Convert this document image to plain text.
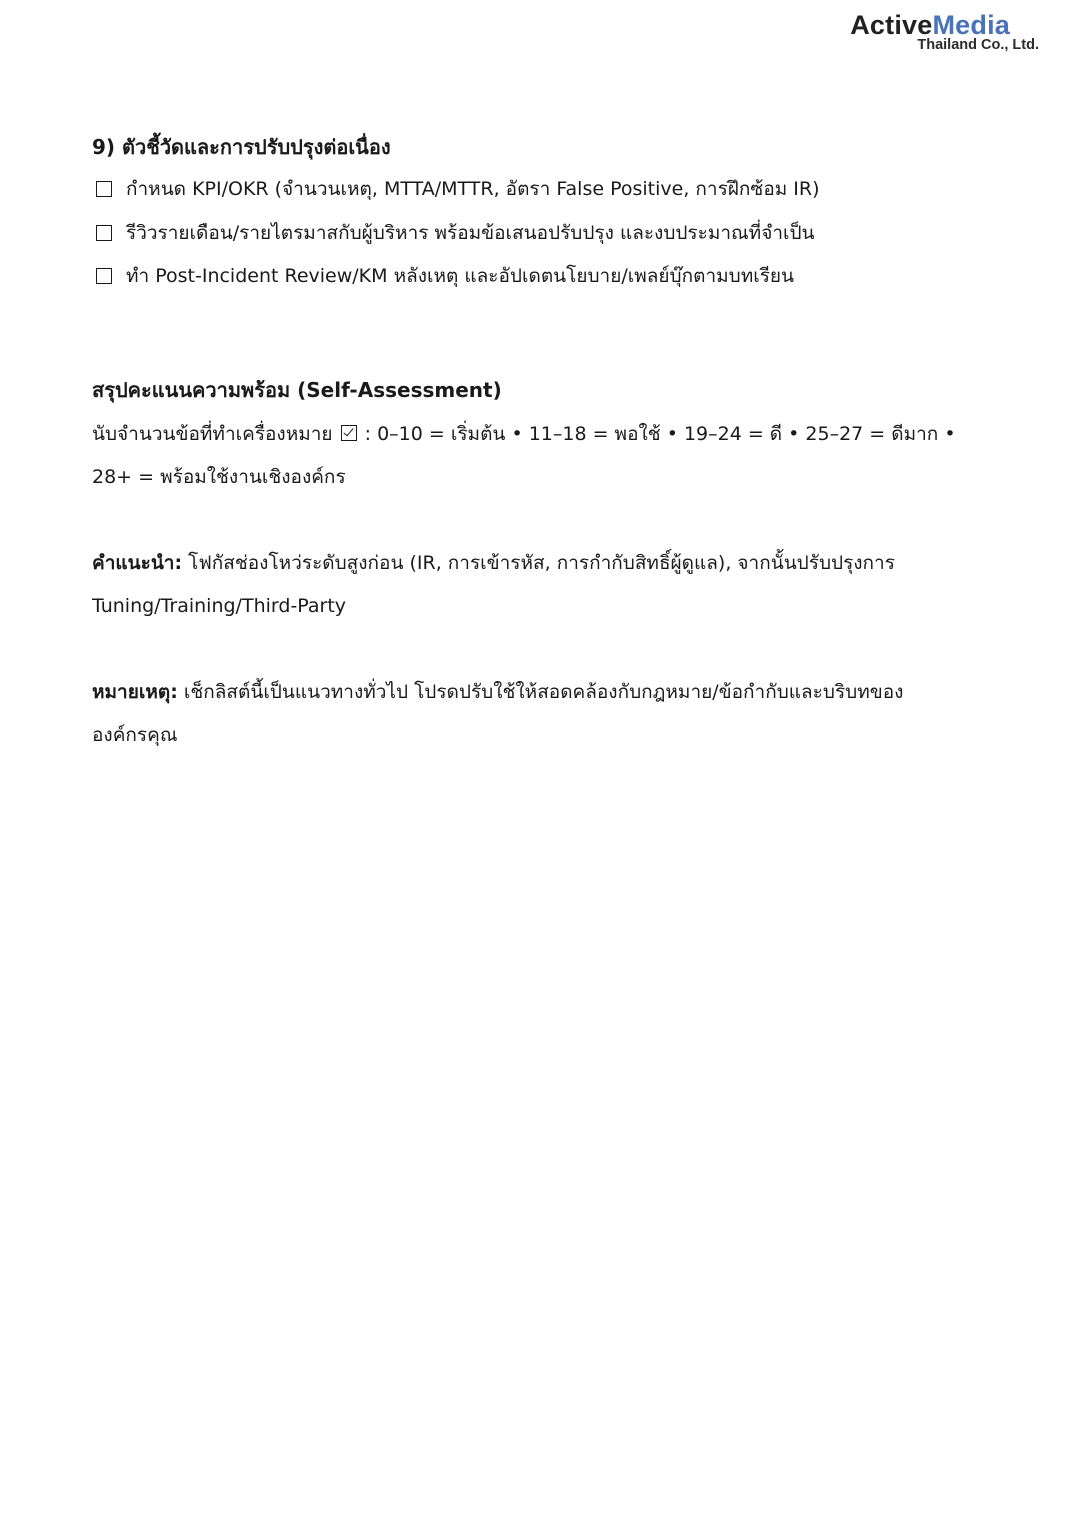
ActiveMedia
Thailand Co., Ltd.
9) ตัวชี้วัดและการปรับปรุงต่อเนื่อง
กำหนด KPI/OKR (จำนวนเหตุ, MTTA/MTTR, อัตรา False Positive, การฝึกซ้อม IR)
รีวิวรายเดือน/รายไตรมาสกับผู้บริหาร พร้อมข้อเสนอปรับปรุง และงบประมาณที่จำเป็น
ทำ Post-Incident Review/KM หลังเหตุ และอัปเดตนโยบาย/เพลย์บุ๊กตามบทเรียน
สรุปคะแนนความพร้อม (Self-Assessment)

นับจำนวนข้อที่ทำเครื่องหมาย  : 0–10 = เริ่มต้น • 11–18 = พอใช้ • 19–24 = ดี • 25–27 = ดีมาก •
28+ = พร้อมใช้งานเชิงองค์กร

คำแนะนำ: โฟกัสช่องโหว่ระดับสูงก่อน (IR, การเข้ารหัส, การกำกับสิทธิ์ผู้ดูแล), จากนั้นปรับปรุงการ
Tuning/Training/Third-Party

หมายเหตุ: เช็กลิสต์นี้เป็นแนวทางทั่วไป โปรดปรับใช้ให้สอดคล้องกับกฎหมาย/ข้อกำกับและบริบทของ
องค์กรคุณ
